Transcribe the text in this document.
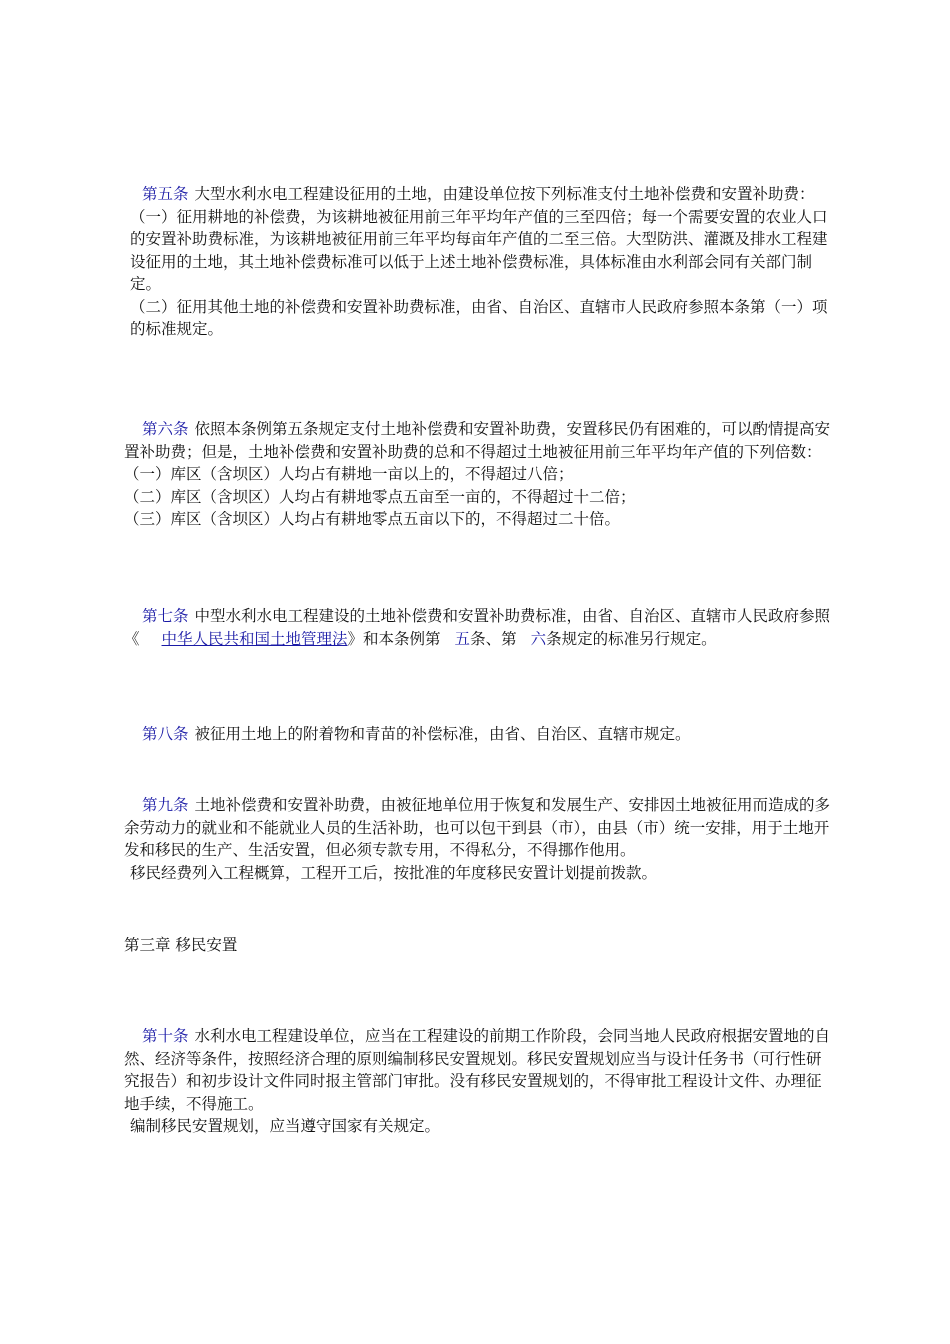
第五条 大型水利水电工程建设征用的土地，由建设单位按下列标准支付土地补偿费和安置补助费：
（一）征用耕地的补偿费，为该耕地被征用前三年平均年产值的三至四倍；每一个需要安置的农业人口的安置补助费标准，为该耕地被征用前三年平均每亩年产值的二至三倍。大型防洪、灌溉及排水工程建设征用的土地，其土地补偿费标准可以低于上述土地补偿费标准，具体标准由水利部会同有关部门制定。
（二）征用其他土地的补偿费和安置补助费标准，由省、自治区、直辖市人民政府参照本条第（一）项的标准规定。
第六条 依照本条例第五条规定支付土地补偿费和安置补助费，安置移民仍有困难的，可以酌情提高安置补助费；但是，土地补偿费和安置补助费的总和不得超过土地被征用前三年平均年产值的下列倍数：
（一）库区（含坝区）人均占有耕地一亩以上的，不得超过八倍；
（二）库区（含坝区）人均占有耕地零点五亩至一亩的，不得超过十二倍；
（三）库区（含坝区）人均占有耕地零点五亩以下的，不得超过二十倍。
第七条 中型水利水电工程建设的土地补偿费和安置补助费标准，由省、自治区、直辖市人民政府参照《 中华人民共和国土地管理法》和本条例第 五条、第 六条规定的标准另行规定。
第八条 被征用土地上的附着物和青苗的补偿标准，由省、自治区、直辖市规定。
第九条 土地补偿费和安置补助费，由被征地单位用于恢复和发展生产、安排因土地被征用而造成的多余劳动力的就业和不能就业人员的生活补助，也可以包干到县（市），由县（市）统一安排，用于土地开发和移民的生产、生活安置，但必须专款专用，不得私分，不得挪作他用。
移民经费列入工程概算，工程开工后，按批准的年度移民安置计划提前拨款。
第三章 移民安置
第十条 水利水电工程建设单位，应当在工程建设的前期工作阶段，会同当地人民政府根据安置地的自然、经济等条件，按照经济合理的原则编制移民安置规划。移民安置规划应当与设计任务书（可行性研究报告）和初步设计文件同时报主管部门审批。没有移民安置规划的，不得审批工程设计文件、办理征地手续，不得施工。
编制移民安置规划，应当遵守国家有关规定。
